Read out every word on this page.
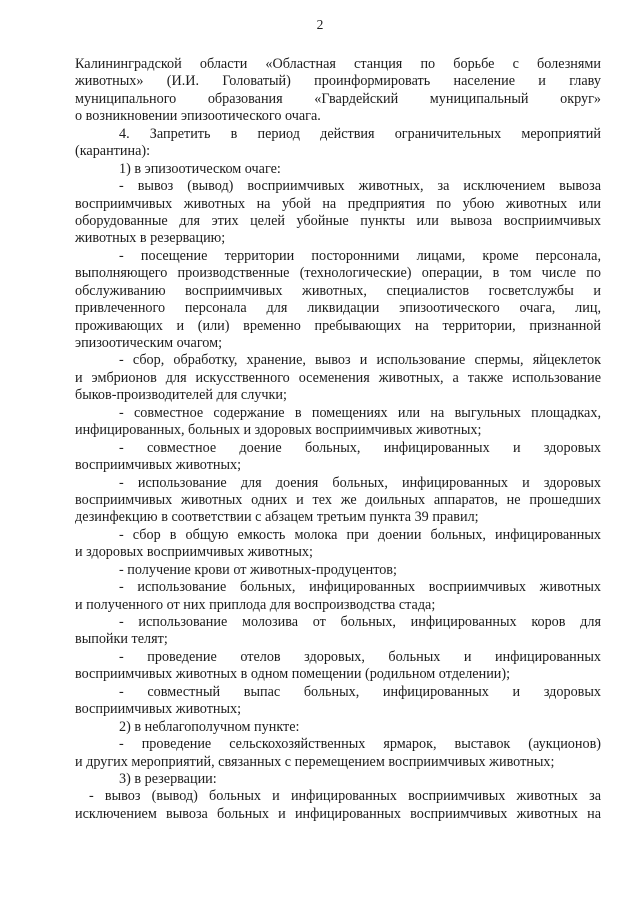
2
Калининградской области «Областная станция по борьбе с болезнями
животных» (И.И. Головатый) проинформировать население и главу
муниципального образования «Гвардейский муниципальный округ»
о возникновении эпизоотического очага.
4. Запретить в период действия ограничительных мероприятий
(карантина):
1) в эпизоотическом очаге:
- вывоз (вывод) восприимчивых животных, за исключением вывоза
восприимчивых животных на убой на предприятия по убою животных или
оборудованные для этих целей убойные пункты или вывоза восприимчивых
животных в резервацию;
- посещение территории посторонними лицами, кроме персонала,
выполняющего производственные (технологические) операции, в том числе по
обслуживанию восприимчивых животных, специалистов госветслужбы и
привлеченного персонала для ликвидации эпизоотического очага, лиц,
проживающих и (или) временно пребывающих на территории, признанной
эпизоотическим очагом;
- сбор, обработку, хранение, вывоз и использование спермы, яйцеклеток
и эмбрионов для искусственного осеменения животных, а также использование
быков-производителей для случки;
- совместное содержание в помещениях или на выгульных площадках,
инфицированных, больных и здоровых восприимчивых животных;
- совместное доение больных, инфицированных и здоровых
восприимчивых животных;
- использование для доения больных, инфицированных и здоровых
восприимчивых животных одних и тех же доильных аппаратов, не прошедших
дезинфекцию в соответствии с абзацем третьим пункта 39 правил;
- сбор в общую емкость молока при доении больных, инфицированных
и здоровых восприимчивых животных;
- получение крови от животных-продуцентов;
- использование больных, инфицированных восприимчивых животных
и полученного от них приплода для воспроизводства стада;
- использование молозива от больных, инфицированных коров для
выпойки телят;
- проведение отелов здоровых, больных и инфицированных
восприимчивых животных в одном помещении (родильном отделении);
- совместный выпас больных, инфицированных и здоровых
восприимчивых животных;
2) в неблагополучном пункте:
- проведение сельскохозяйственных ярмарок, выставок (аукционов)
и других мероприятий, связанных с перемещением восприимчивых животных;
3) в резервации:
- вывоз (вывод) больных и инфицированных восприимчивых животных за
исключением вывоза больных и инфицированных восприимчивых животных на
